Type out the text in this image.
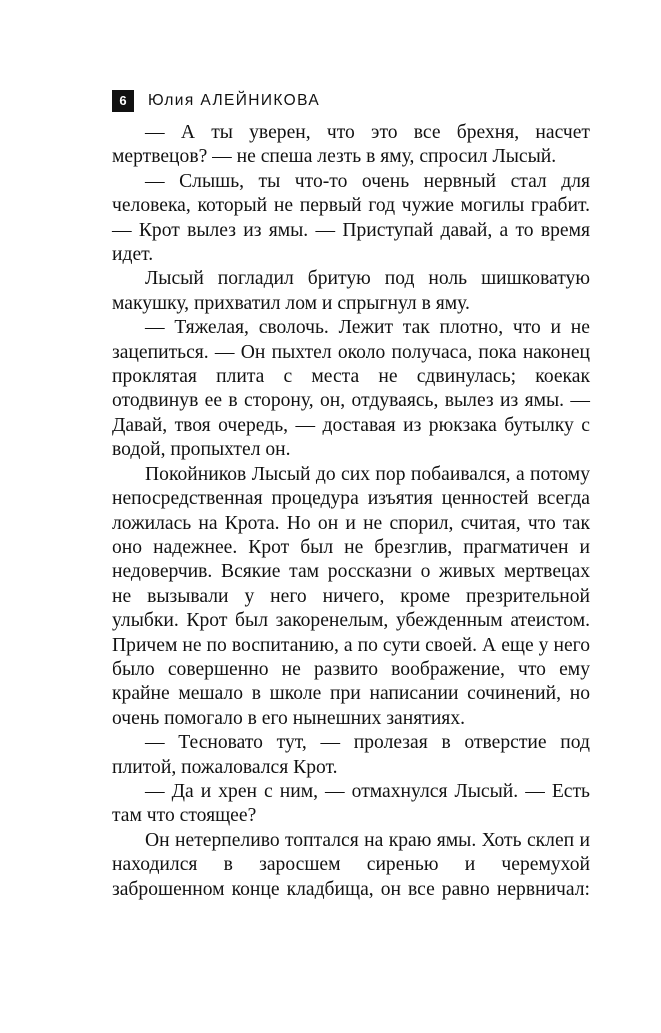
6	Юлия АЛЕЙНИКОВА

— А ты уверен, что это все брехня, насчет мертвецов? — не спеша лезть в яму, спросил Лысый.

— Слышь, ты что-то очень нервный стал для человека, который не первый год чужие могилы грабит. — Крот вылез из ямы. — Приступай давай, а то время идет.

Лысый погладил бритую под ноль шишковатую макушку, прихватил лом и спрыгнул в яму.

— Тяжелая, сволочь. Лежит так плотно, что и не зацепиться. — Он пыхтел около получаса, пока наконец проклятая плита с места не сдвинулась; коекак отодвинув ее в сторону, он, отдуваясь, вылез из ямы. — Давай, твоя очередь, — доставая из рюкзака бутылку с водой, пропыхтел он.

Покойников Лысый до сих пор побаивался, а потому непосредственная процедура изъятия ценностей всегда ложилась на Крота. Но он и не спорил, считая, что так оно надежнее. Крот был не брезглив, прагматичен и недоверчив. Всякие там россказни о живых мертвецах не вызывали у него ничего, кроме презрительной улыбки. Крот был закоренелым, убежденным атеистом. Причем не по воспитанию, а по сути своей. А еще у него было совершенно не развито воображение, что ему крайне мешало в школе при написании сочинений, но очень помогало в его нынешних занятиях.

— Тесновато тут, — пролезая в отверстие под плитой, пожаловался Крот.

— Да и хрен с ним, — отмахнулся Лысый. — Есть там что стоящее?

Он нетерпеливо топтался на краю ямы. Хоть склеп и находился в заросшем сиренью и черемухой заброшенном конце кладбища, он все равно нервничал:
